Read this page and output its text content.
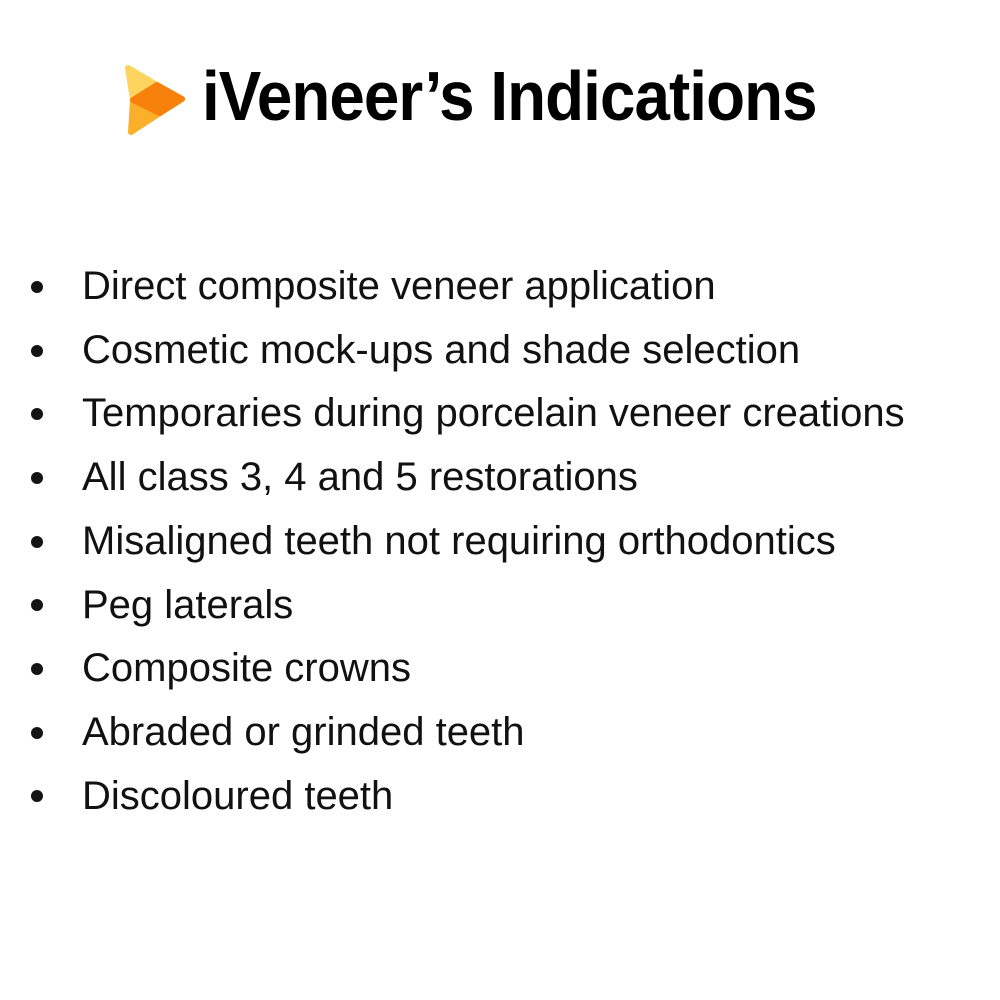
iVeneer’s Indications
Direct composite veneer application
Cosmetic mock-ups and shade selection
Temporaries during porcelain veneer creations
All class 3, 4 and 5 restorations
Misaligned teeth not requiring orthodontics
Peg laterals
Composite crowns
Abraded or grinded teeth
Discoloured teeth
